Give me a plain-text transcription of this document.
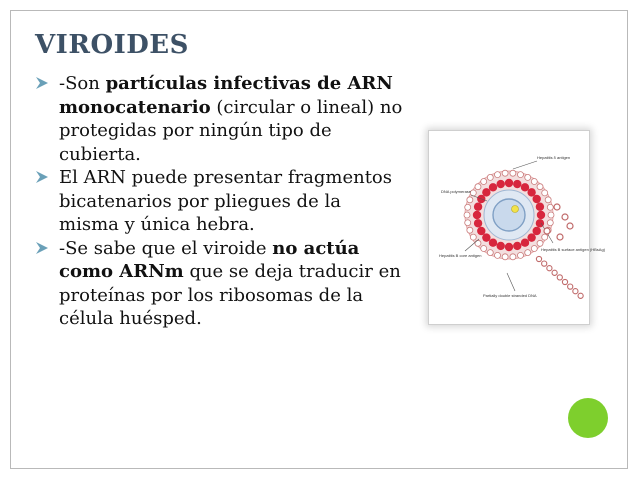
VIROIDES
-Son partículas infectivas de ARN monocatenario (circular o lineal) no protegidas por ningún tipo de cubierta.
El ARN puede presentar fragmentos bicatenarios por pliegues de la misma y única hebra.
-Se sabe que el viroide no actúa como ARNm que se deja traducir en proteínas por los ribosomas de la célula huésped.
Hepatitis δ antigen
DNA polymerase
Hepatitis B core antigen
Hepatitis B surface antigen (HBsAg)
Partially double stranded DNA
